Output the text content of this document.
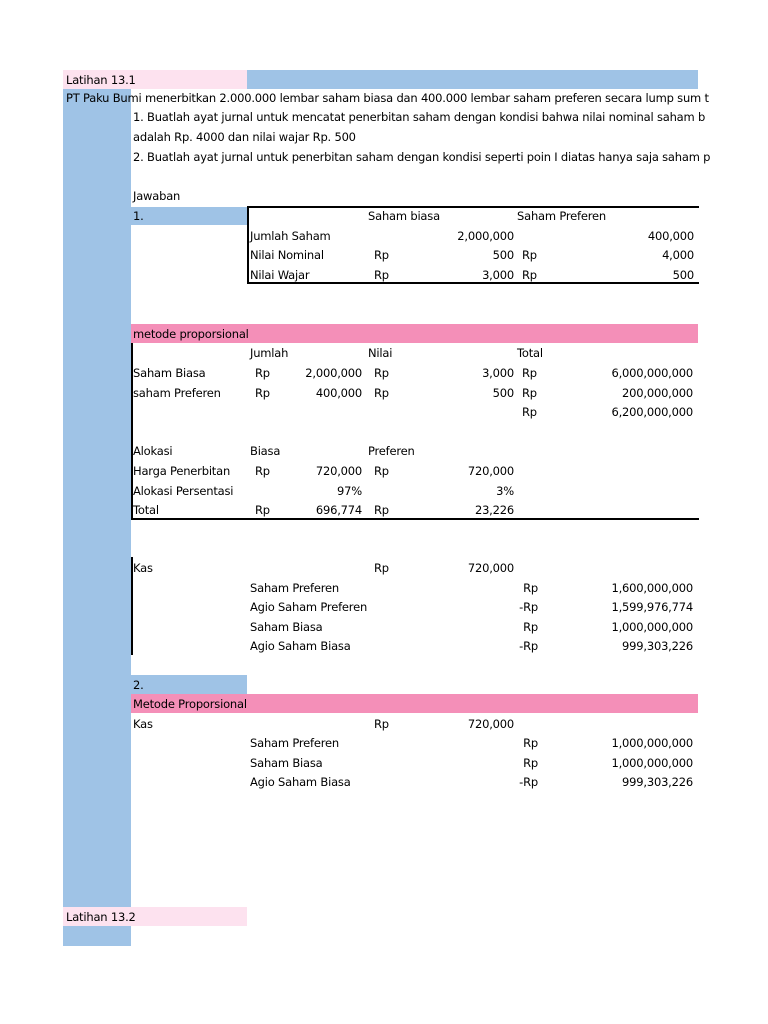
Latihan 13.1
PT Paku Bumi menerbitkan 2.000.000 lembar saham biasa dan 400.000 lembar saham preferen secara lump sum t
1. Buatlah ayat jurnal untuk mencatat penerbitan saham dengan kondisi bahwa nilai nominal saham b
adalah Rp. 4000 dan nilai wajar Rp. 500
2. Buatlah ayat jurnal untuk penerbitan saham dengan kondisi seperti poin I diatas hanya saja saham p
Jawaban
1.	Saham biasa	Saham Preferen
Jumlah Saham	2,000,000	400,000
Nilai Nominal	Rp	500 Rp	4,000
Nilai Wajar	Rp	3,000 Rp	500
metode proporsional
Jumlah	Nilai	Total
Saham Biasa	Rp	2,000,000 Rp	3,000 Rp	6,000,000,000
saham Preferen	Rp	400,000 Rp	500 Rp	200,000,000
Rp	6,200,000,000
Alokasi	Biasa	Preferen
Harga Penerbitan Rp	720,000 Rp	720,000
Alokasi Persentasi	97%	3%
Total	Rp	696,774 Rp	23,226
Kas	Rp	720,000
Saham Preferen	Rp	1,600,000,000
Agio Saham Preferen	-Rp	1,599,976,774
Saham Biasa	Rp	1,000,000,000
Agio Saham Biasa	-Rp	999,303,226
2.
Metode Proporsional
Kas	Rp	720,000
Saham Preferen	Rp	1,000,000,000
Saham Biasa	Rp	1,000,000,000
Agio Saham Biasa	-Rp	999,303,226
Latihan 13.2
